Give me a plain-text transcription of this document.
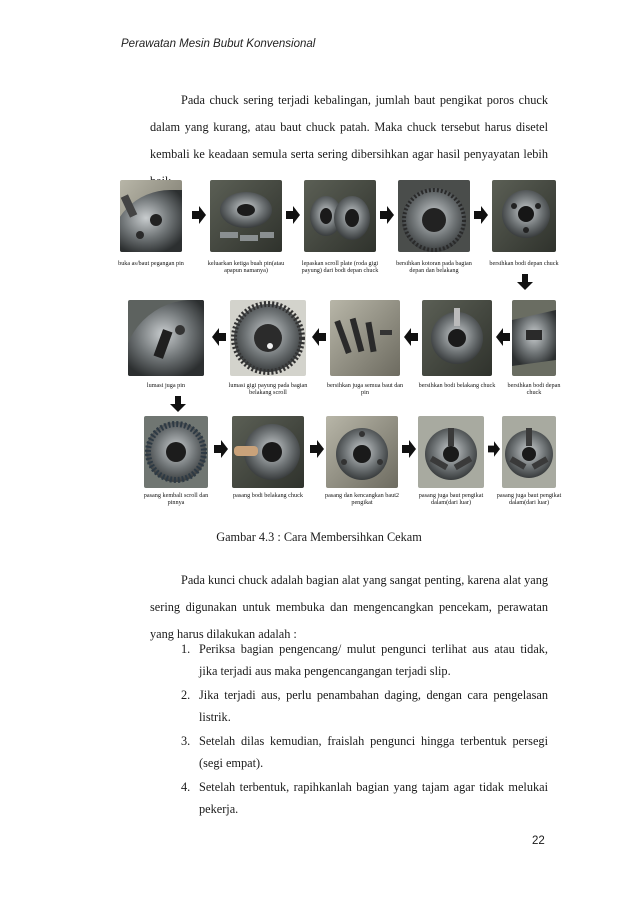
Perawatan Mesin Bubut Konvensional
Pada chuck sering terjadi kebalingan, jumlah baut pengikat poros chuck dalam yang kurang, atau baut chuck patah. Maka chuck tersebut harus disetel kembali ke keadaan semula serta sering dibersihkan agar hasil penyayatan lebih
buka as/baut pegangan pin	keluarkan ketiga buah pin(atau apapun namanya)
lepaskan scroll plate (roda gigi payung) dari bodi depan chuck
bersihkan kotoran pada bagian depan dan belakang
bersihkan bodi depan chuck
lumasi juga pin	lumasi gigi payung pada bagian belakang scroll
bersihkan juga semua baut dan pin
bersihkan bodi belakang chuck	bersihkan bodi depan chuck
pasang kembali scroll dan pinnya
pasang bodi belakang chuck	pasang dan kencangkan baut2 pengikat
pasang juga baut pengikat dalam(dari luar)
pasang juga baut pengikat dalam(dari luar)
Gambar 4.3 : Cara Membersihkan Cekam
Pada kunci chuck adalah bagian alat yang sangat penting, karena alat yang sering digunakan untuk membuka dan mengencangkan pencekam, perawatan yang harus dilakukan adalah :
1. Periksa bagian pengencang/ mulut pengunci terlihat aus atau tidak, jika terjadi aus maka pengencangangan terjadi slip.
2. Jika terjadi aus, perlu penambahan daging, dengan cara pengelasan listrik.
3. Setelah dilas kemudian, fraislah pengunci hingga terbentuk persegi (segi empat).
4. Setelah terbentuk, rapihkanlah bagian yang tajam agar tidak melukai pekerja.
22
